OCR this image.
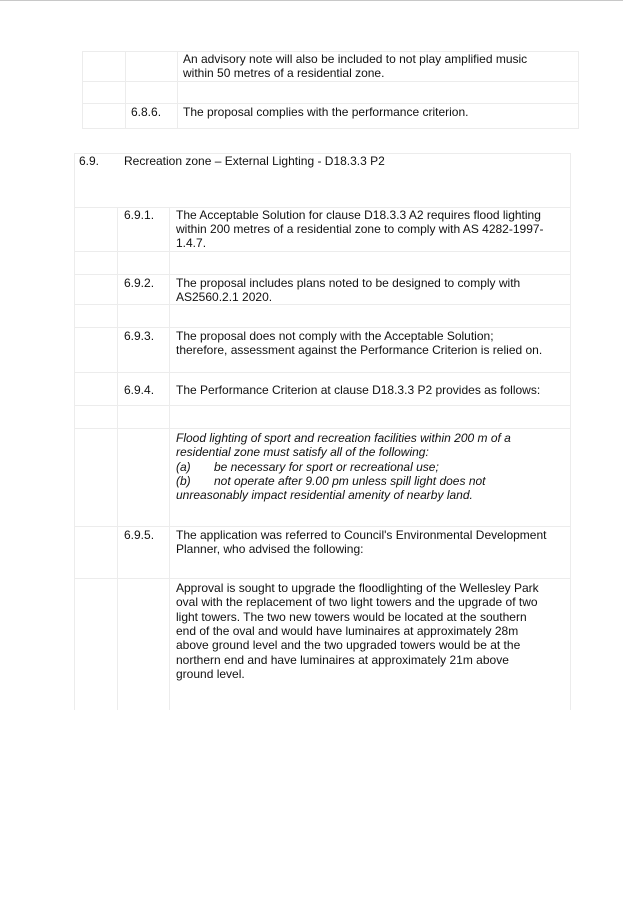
An advisory note will also be included to not play amplified music
within 50 metres of a residential zone.
6.8.6. The proposal complies with the performance criterion.
6.9. Recreation zone – External Lighting - D18.3.3 P2
6.9.1. The Acceptable Solution for clause D18.3.3 A2 requires flood lighting
within 200 metres of a residential zone to comply with AS 4282-1997-
1.4.7.
6.9.2. The proposal includes plans noted to be designed to comply with
AS2560.2.1 2020.
6.9.3. The proposal does not comply with the Acceptable Solution;
therefore, assessment against the Performance Criterion is relied on.
6.9.4. The Performance Criterion at clause D18.3.3 P2 provides as follows:
Flood lighting of sport and recreation facilities within 200 m of a
residential zone must satisfy all of the following:
(a) be necessary for sport or recreational use;
(b) not operate after 9.00 pm unless spill light does not
unreasonably impact residential amenity of nearby land.
6.9.5. The application was referred to Council's Environmental Development
Planner, who advised the following:
Approval is sought to upgrade the floodlighting of the Wellesley Park
oval with the replacement of two light towers and the upgrade of two
light towers. The two new towers would be located at the southern
end of the oval and would have luminaires at approximately 28m
above ground level and the two upgraded towers would be at the
northern end and have luminaires at approximately 21m above
ground level.
